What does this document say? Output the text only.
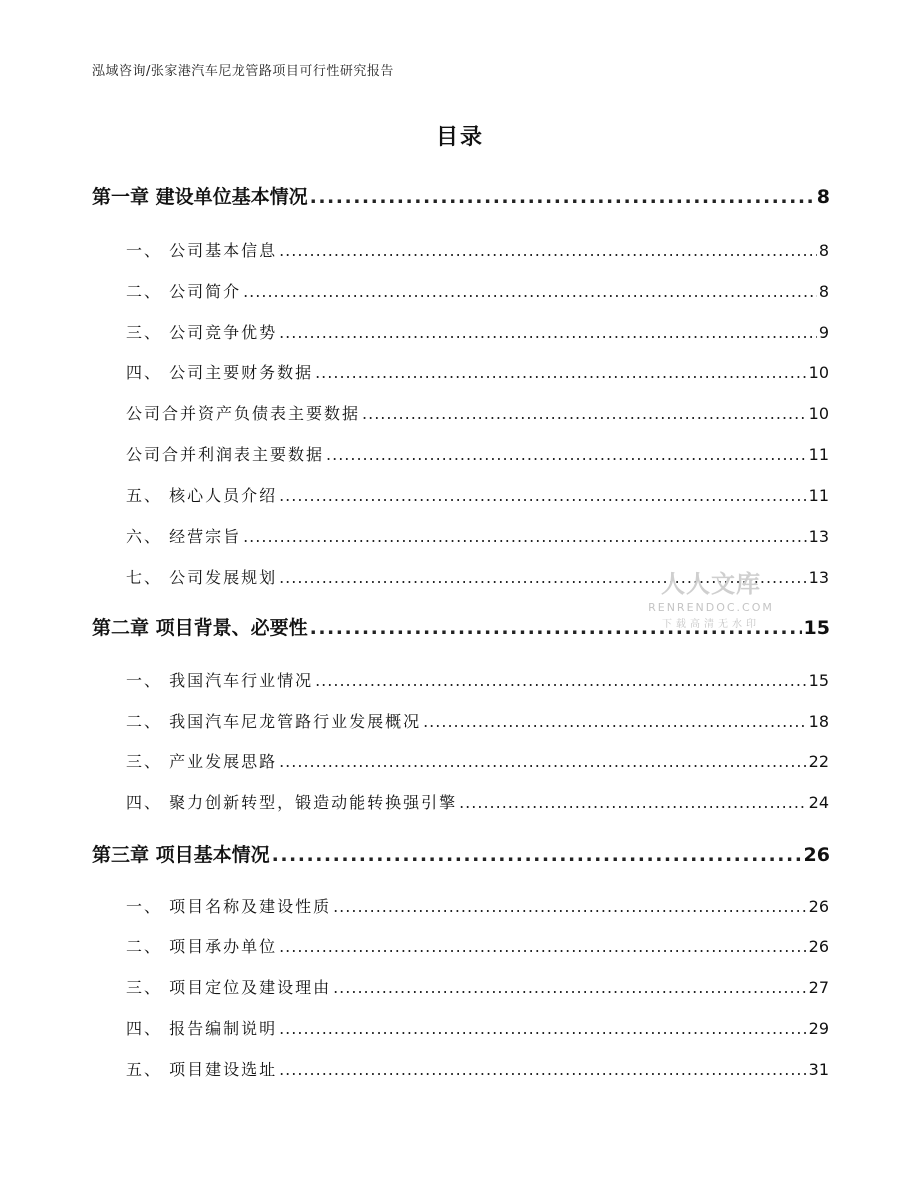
泓域咨询/张家港汽车尼龙管路项目可行性研究报告
目录
第一章 建设单位基本情况 .....	8
一、 公司基本信息 .....	8
二、 公司简介 .....	8
三、 公司竞争优势 .....	9
四、 公司主要财务数据 .....	10
公司合并资产负债表主要数据 .....	10
公司合并利润表主要数据 .....	11
五、 核心人员介绍 .....	11
六、 经营宗旨 .....	13
七、 公司发展规划 .....	13
第二章 项目背景、必要性 .....	15
一、 我国汽车行业情况 .....	15
二、 我国汽车尼龙管路行业发展概况 .....	18
三、 产业发展思路 .....	22
四、 聚力创新转型，锻造动能转换强引擎 .....	24
第三章 项目基本情况 .....	26
一、 项目名称及建设性质 .....	26
二、 项目承办单位 .....	26
三、 项目定位及建设理由 .....	27
四、 报告编制说明 .....	29
五、 项目建设选址 .....	31
人人文库
RENRENDOC.COM
下载高清无水印
